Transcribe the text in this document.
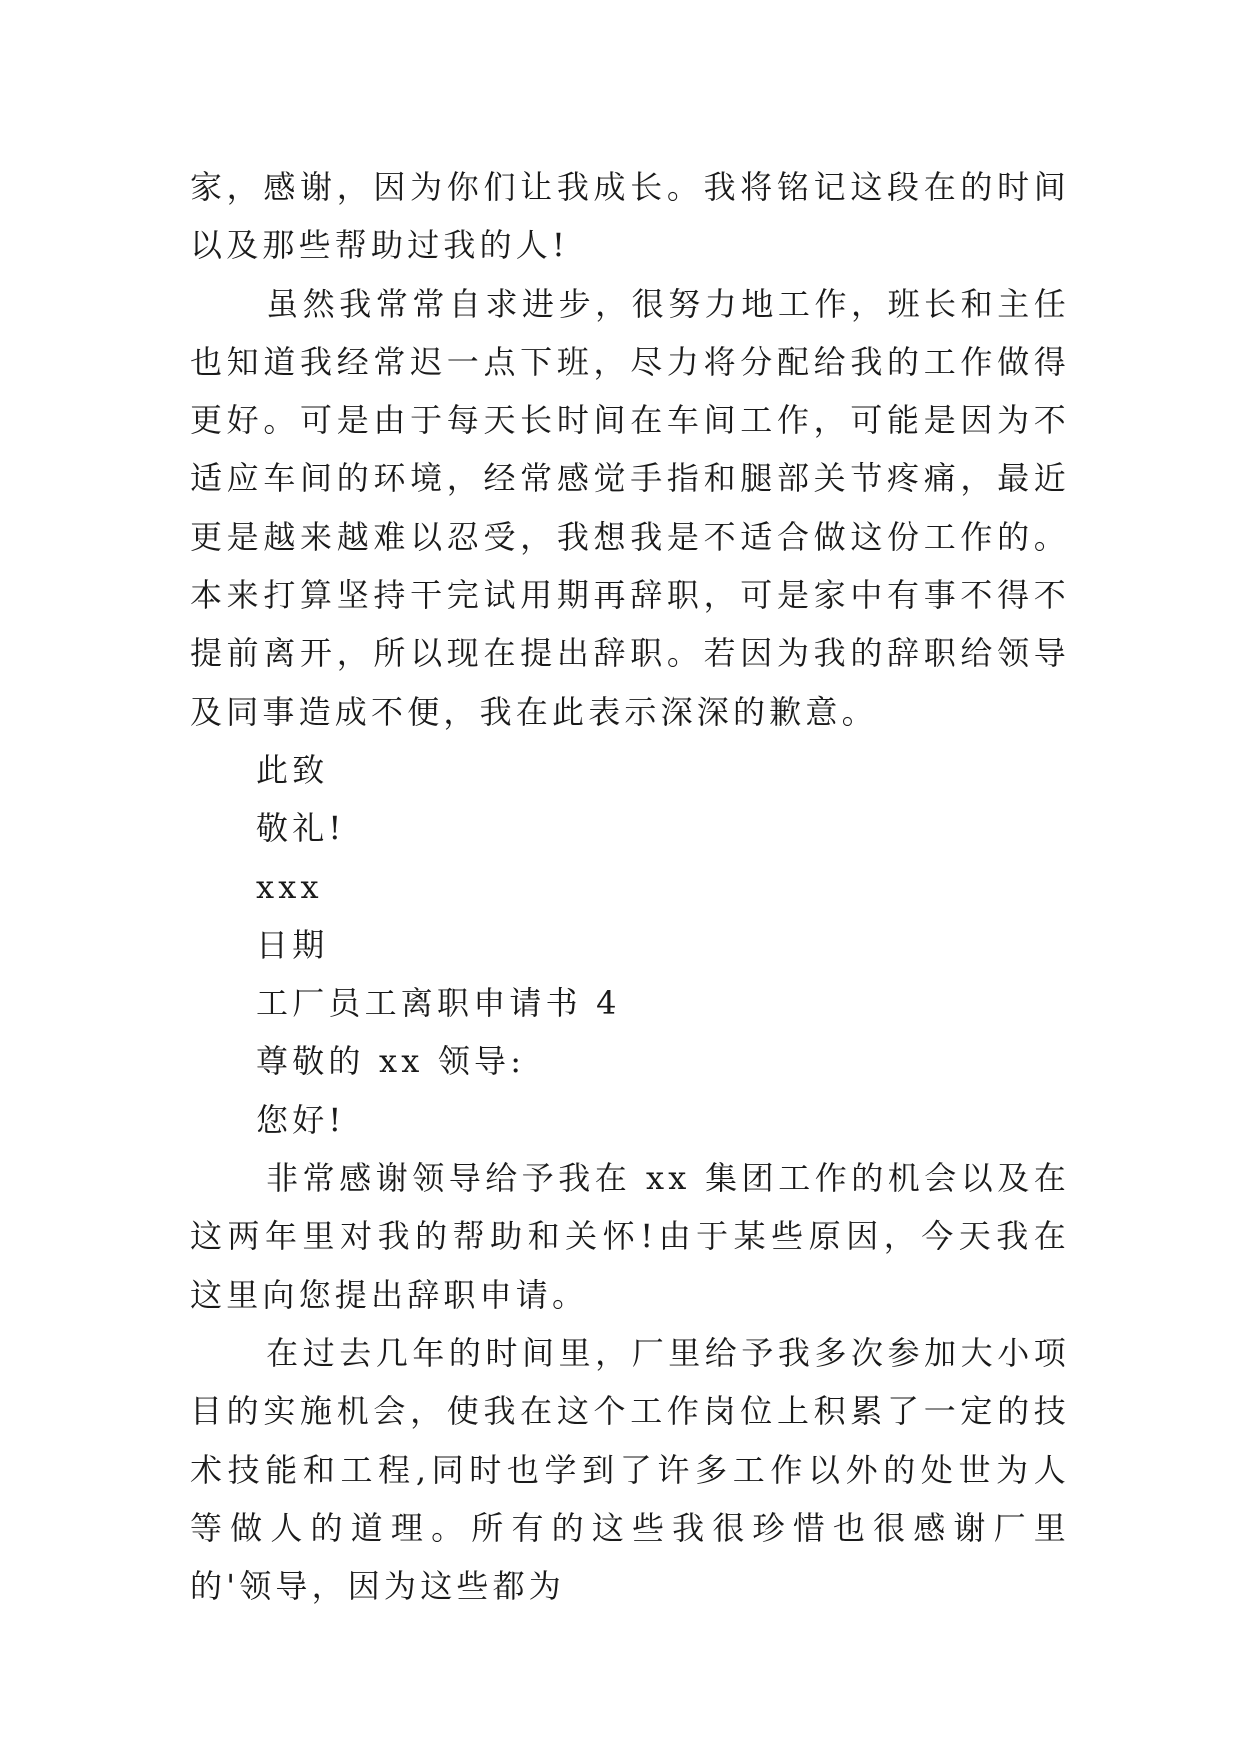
家，感谢，因为你们让我成长。我将铭记这段在的时间以及那些帮助过我的人!

虽然我常常自求进步，很努力地工作，班长和主任也知道我经常迟一点下班，尽力将分配给我的工作做得更好。可是由于每天长时间在车间工作，可能是因为不适应车间的环境，经常感觉手指和腿部关节疼痛，最近更是越来越难以忍受，我想我是不适合做这份工作的。本来打算坚持干完试用期再辞职，可是家中有事不得不提前离开，所以现在提出辞职。若因为我的辞职给领导及同事造成不便，我在此表示深深的歉意。

此致

敬礼!

xxx

日期

工厂员工离职申请书 4

尊敬的 xx 领导:

您好!

非常感谢领导给予我在 xx 集团工作的机会以及在这两年里对我的帮助和关怀!由于某些原因，今天我在这里向您提出辞职申请。

在过去几年的时间里，厂里给予我多次参加大小项目的实施机会，使我在这个工作岗位上积累了一定的技术技能和工程,同时也学到了许多工作以外的处世为人等做人的道理。所有的这些我很珍惜也很感谢厂里的'领导，因为这些都为
